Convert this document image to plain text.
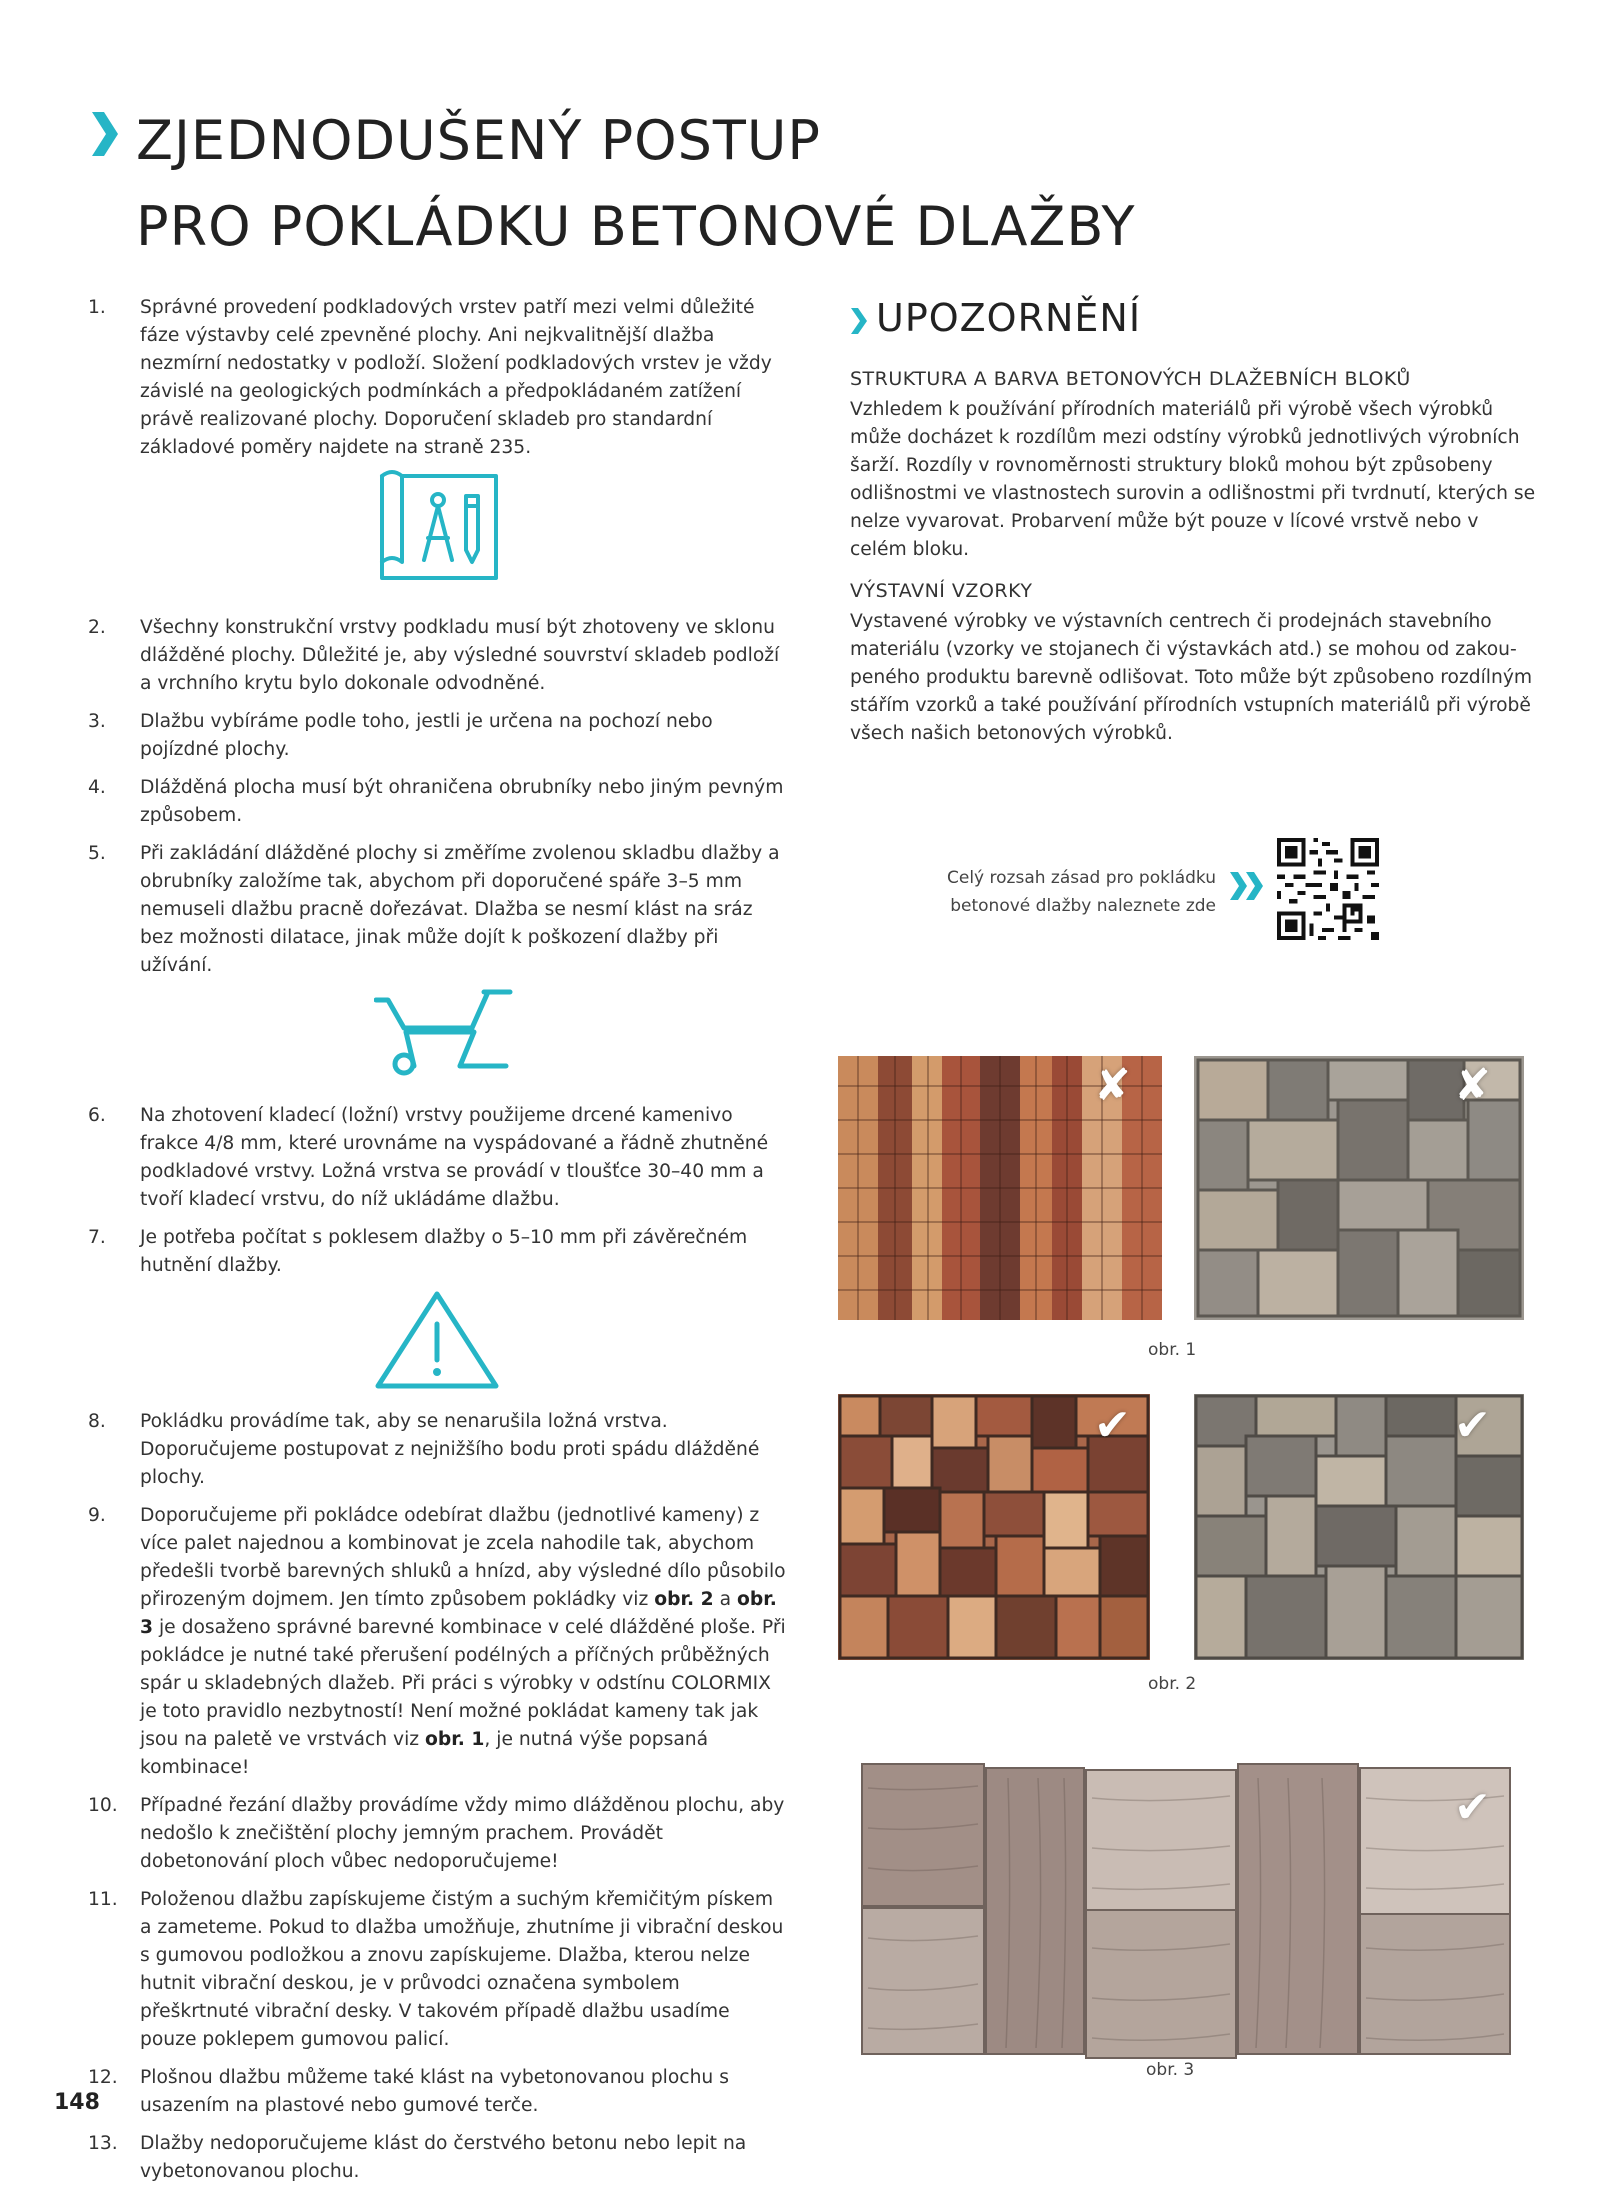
ZJEDNODUŠENÝ POSTUP
PRO POKLÁDKU BETONOVÉ DLAŽBY
1.	Správné provedení podkladových vrstev patří mezi velmi důležité fáze výstavby celé zpevněné plochy. Ani nejkvalitnější dlažba nezmírní nedostatky v podloží. Složení podkladových vrstev je vždy závislé na geologických podmínkách a předpokládaném zatížení právě realizované plochy. Doporučení skladeb pro standardní základové poměry najdete na straně 235.
2.	Všechny konstrukční vrstvy podkladu musí být zhotoveny ve sklonu dlážděné plochy. Důležité je, aby výsledné souvrství skladeb podloží a vrchního krytu bylo dokonale odvodněné.
3.	Dlažbu vybíráme podle toho, jestli je určena na pochozí nebo pojízdné plochy.
4.	Dlážděná plocha musí být ohraničena obrubníky nebo jiným pevným způsobem.
5.	Při zakládání dlážděné plochy si změříme zvolenou skladbu dlažby a obrubníky založíme tak, abychom při doporučené spáře 3–5 mm nemuseli dlažbu pracně dořezávat. Dlažba se nesmí klást na sráz bez možnosti dilatace, jinak může dojít k poškození dlažby při užívání.
6.	Na zhotovení kladecí (ložní) vrstvy použijeme drcené kamenivo frakce 4/8 mm, které urovnáme na vyspádované a řádně zhutněné podkladové vrstvy. Ložná vrstva se provádí v tloušťce 30–40 mm a tvoří kladecí vrstvu, do níž ukládáme dlažbu.
7.	Je potřeba počítat s poklesem dlažby o 5–10 mm při závěrečném hutnění dlažby.
8.	Pokládku provádíme tak, aby se nenarušila ložná vrstva. Doporučujeme postupovat z nejnižšího bodu proti spádu dlážděné plochy.
9.	Doporučujeme při pokládce odebírat dlažbu (jednotlivé kameny) z více palet najednou a kombinovat je zcela nahodile tak, abychom předešli tvorbě barevných shluků a hnízd, aby výsledné dílo působilo přirozeným dojmem. Jen tímto způsobem pokládky viz obr. 2 a obr. 3 je dosaženo správné barevné kombinace v celé dlážděné ploše. Při pokládce je nutné také přerušení podélných a příčných průběžných spár u skladebných dlažeb. Při práci s výrobky v odstínu COLORMIX je toto pravidlo nezbytností! Není možné pokládat kameny tak jak jsou na paletě ve vrstvách viz obr. 1, je nutná výše popsaná kombinace!
10.	Případné řezání dlažby provádíme vždy mimo dlážděnou plochu, aby nedošlo k znečištění plochy jemným prachem. Provádět dobetonování ploch vůbec nedoporučujeme!
11.	Položenou dlažbu zapískujeme čistým a suchým křemičitým pískem a zameteme. Pokud to dlažba umožňuje, zhutníme ji vibrační deskou s gumovou podložkou a znovu zapískujeme. Dlažba, kterou nelze hutnit vibrační deskou, je v průvodci označena symbolem přeškrtnuté vibrační desky. V takovém případě dlažbu usadíme pouze poklepem gumovou palicí.
12.	Plošnou dlažbu můžeme také klást na vybetonovanou plochu s usazením na plastové nebo gumové terče.
13.	Dlažby nedoporučujeme klást do čerstvého betonu nebo lepit na vybetonovanou plochu.
UPOZORNĚNÍ
STRUKTURA A BARVA BETONOVÝCH DLAŽEBNÍCH BLOKŮ
Vzhledem k používání přírodních materiálů při výrobě všech výrobků může docházet k rozdílům mezi odstíny výrobků jednotlivých výrobních šarží. Rozdíly v rovnoměrnosti struktury bloků mohou být způsobeny odlišnostmi ve vlastnostech surovin a odlišnostmi při tvrdnutí, kterých se nelze vyvarovat. Probarvení může být pouze v lícové vrstvě nebo v celém bloku.
VÝSTAVNÍ VZORKY
Vystavené výrobky ve výstavních centrech či prodejnách stavebního materiálu (vzorky ve stojanech či výstavkách atd.) se mohou od zakoupeného produktu barevně odlišovat. Toto může být způsobeno rozdílným stářím vzorků a také používání přírodních vstupních materiálů při výrobě všech našich betonových výrobků.
Celý rozsah zásad pro pokládku
betonové dlažby naleznete zde
✘	✘
obr. 1
✔	✔
obr. 2
✔
obr. 3
148
